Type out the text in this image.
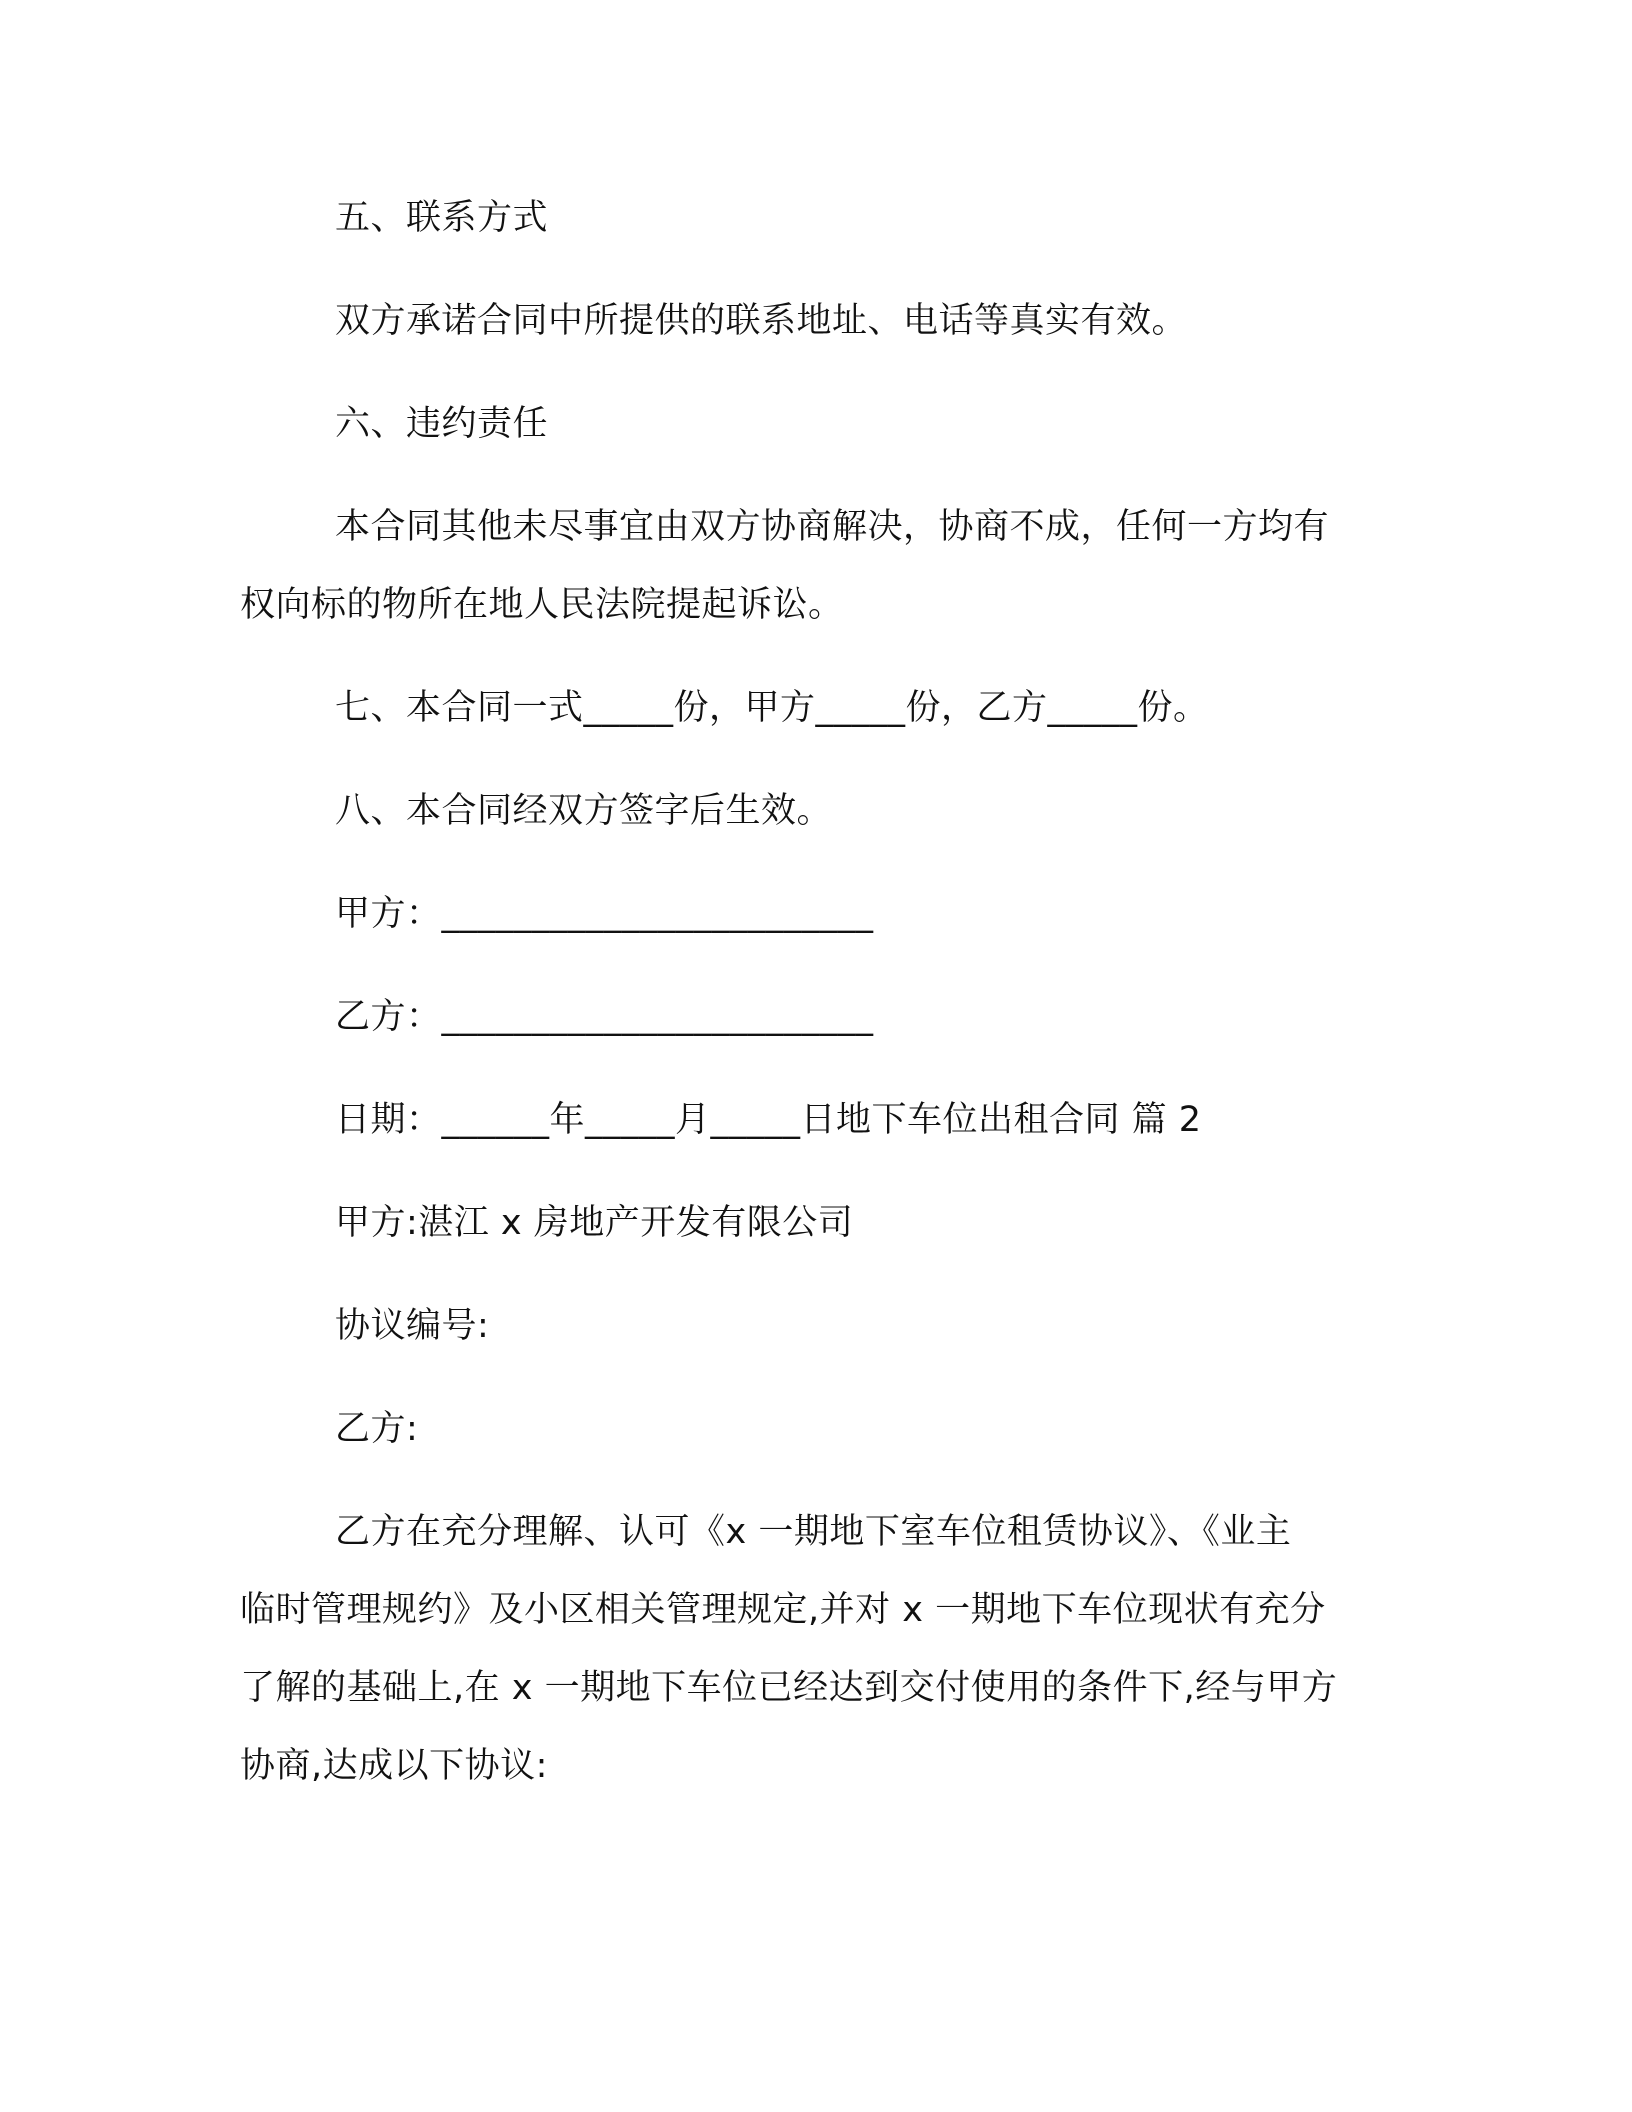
五、联系方式

双方承诺合同中所提供的联系地址、电话等真实有效。

六、违约责任

本合同其他未尽事宜由双方协商解决，协商不成，任何一方均有

权向标的物所在地人民法院提起诉讼。

七、本合同一式_____份，甲方_____份，乙方_____份。

八、本合同经双方签字后生效。

甲方：________________________

乙方：________________________

日期：______年_____月_____日地下车位出租合同 篇 2

甲方:湛江 x 房地产开发有限公司

协议编号:

乙方:

乙方在充分理解、认可《x 一期地下室车位租赁协议》、《业主

临时管理规约》及小区相关管理规定,并对 x 一期地下车位现状有充分

了解的基础上,在 x 一期地下车位已经达到交付使用的条件下,经与甲方

协商,达成以下协议:
